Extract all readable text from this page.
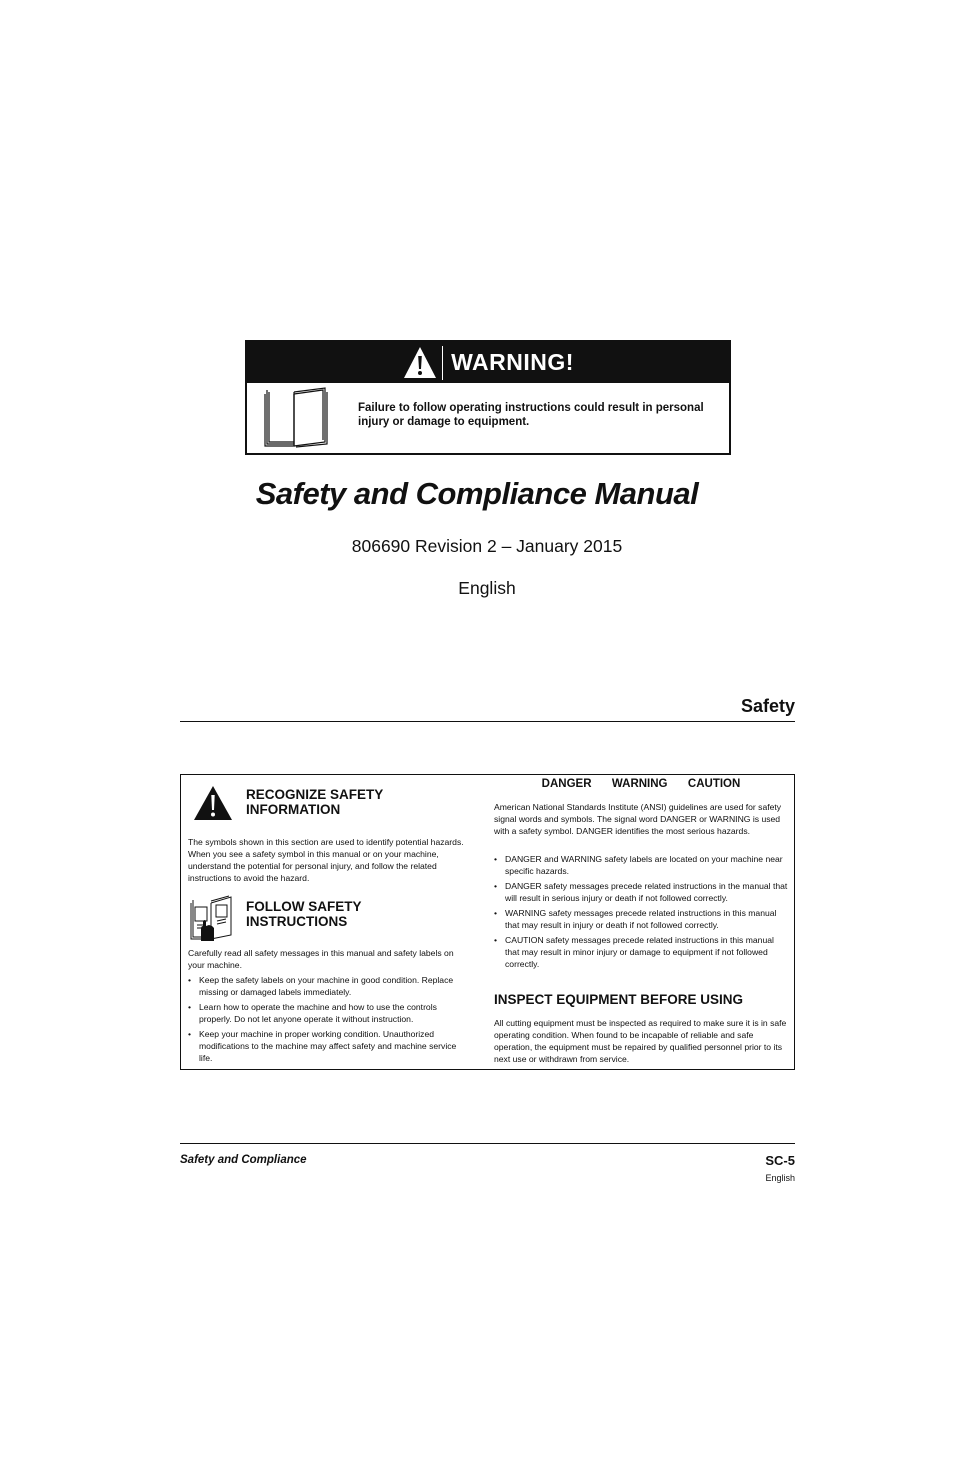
WARNING!
Failure to follow operating instructions could result in personal injury or damage to equipment.
Safety and Compliance Manual
806690 Revision 2 – January 2015
English
Safety
RECOGNIZE SAFETY INFORMATION

The symbols shown in this section are used to identify potential hazards. When you see a safety symbol in this manual or on your machine, understand the potential for personal injury, and follow the related instructions to avoid the hazard.

FOLLOW SAFETY INSTRUCTIONS

Carefully read all safety messages in this manual and safety labels on your machine.

• Keep the safety labels on your machine in good condition. Replace missing or damaged labels immediately.
• Learn how to operate the machine and how to use the controls properly. Do not let anyone operate it without instruction.
• Keep your machine in proper working condition. Unauthorized modifications to the machine may affect safety and machine service life.
DANGER WARNING CAUTION

American National Standards Institute (ANSI) guidelines are used for safety signal words and symbols. The signal word DANGER or WARNING is used with a safety symbol. DANGER identifies the most serious hazards.

• DANGER and WARNING safety labels are located on your machine near specific hazards.
• DANGER safety messages precede related instructions in the manual that will result in serious injury or death if not followed correctly.
• WARNING safety messages precede related instructions in this manual that may result in injury or death if not followed correctly.
• CAUTION safety messages precede related instructions in this manual that may result in minor injury or damage to equipment if not followed correctly.
INSPECT EQUIPMENT BEFORE USING

All cutting equipment must be inspected as required to make sure it is in safe operating condition. When found to be incapable of reliable and safe operation, the equipment must be repaired by qualified personnel prior to its next use or withdrawn from service.

Safety and Compliance	SC-5
English
